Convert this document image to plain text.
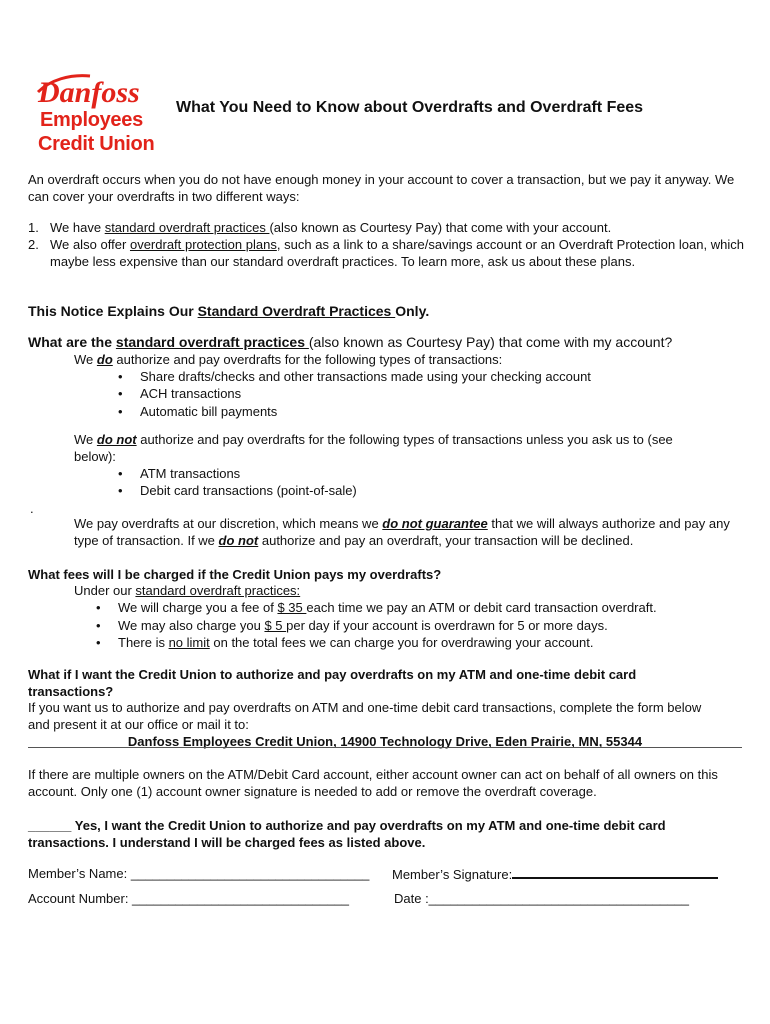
Danfoss
Employees
Credit Union
What You Need to Know about Overdrafts and Overdraft Fees
An overdraft occurs when you do not have enough money in your account to cover a transaction, but we pay it anyway. We can cover your overdrafts in two different ways:
1. We have standard overdraft practices (also known as Courtesy Pay) that come with your account.
2. We also offer overdraft protection plans, such as a link to a share/savings account or an Overdraft Protection loan, which maybe less expensive than our standard overdraft practices. To learn more, ask us about these plans.
This Notice Explains Our Standard Overdraft Practices Only.
What are the standard overdraft practices (also known as Courtesy Pay) that come with my account?
We do authorize and pay overdrafts for the following types of transactions:
• Share drafts/checks and other transactions made using your checking account
• ACH transactions
• Automatic bill payments
We do not authorize and pay overdrafts for the following types of transactions unless you ask us to (see below):
• ATM transactions
• Debit card transactions (point-of-sale)
.
We pay overdrafts at our discretion, which means we do not guarantee that we will always authorize and pay any type of transaction. If we do not authorize and pay an overdraft, your transaction will be declined.
What fees will I be charged if the Credit Union pays my overdrafts?
Under our standard overdraft practices:
• We will charge you a fee of $ 35 each time we pay an ATM or debit card transaction overdraft.
• We may also charge you $ 5 per day if your account is overdrawn for 5 or more days.
• There is no limit on the total fees we can charge you for overdrawing your account.
What if I want the Credit Union to authorize and pay overdrafts on my ATM and one-time debit card transactions?
If you want us to authorize and pay overdrafts on ATM and one-time debit card transactions, complete the form below and present it at our office or mail it to:
Danfoss Employees Credit Union, 14900 Technology Drive, Eden Prairie, MN, 55344
If there are multiple owners on the ATM/Debit Card account, either account owner can act on behalf of all owners on this account. Only one (1) account owner signature is needed to add or remove the overdraft coverage.
______ Yes, I want the Credit Union to authorize and pay overdrafts on my ATM and one-time debit card transactions. I understand I will be charged fees as listed above.
Member’s Name: _________________________________ Member’s Signature:
Account Number: ______________________________	Date :____________________________________
